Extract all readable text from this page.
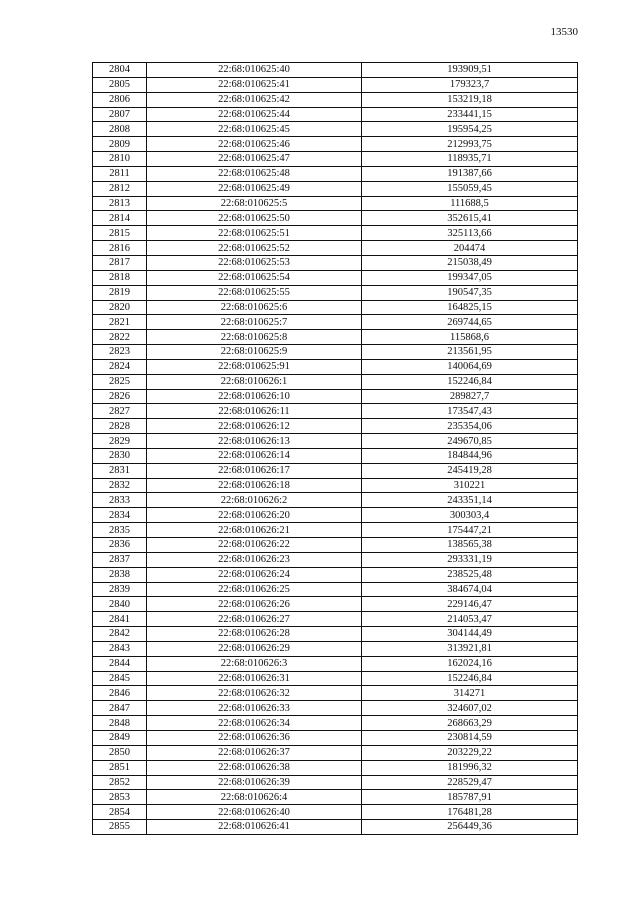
13530
2804	22:68:010625:40	193909,51
2805	22:68:010625:41	179323,7
2806	22:68:010625:42	153219,18
2807	22:68:010625:44	233441,15
2808	22:68:010625:45	195954,25
2809	22:68:010625:46	212993,75
2810	22:68:010625:47	118935,71
2811	22:68:010625:48	191387,66
2812	22:68:010625:49	155059,45
2813	22:68:010625:5	111688,5
2814	22:68:010625:50	352615,41
2815	22:68:010625:51	325113,66
2816	22:68:010625:52	204474
2817	22:68:010625:53	215038,49
2818	22:68:010625:54	199347,05
2819	22:68:010625:55	190547,35
2820	22:68:010625:6	164825,15
2821	22:68:010625:7	269744,65
2822	22:68:010625:8	115868,6
2823	22:68:010625:9	213561,95
2824	22:68:010625:91	140064,69
2825	22:68:010626:1	152246,84
2826	22:68:010626:10	289827,7
2827	22:68:010626:11	173547,43
2828	22:68:010626:12	235354,06
2829	22:68:010626:13	249670,85
2830	22:68:010626:14	184844,96
2831	22:68:010626:17	245419,28
2832	22:68:010626:18	310221
2833	22:68:010626:2	243351,14
2834	22:68:010626:20	300303,4
2835	22:68:010626:21	175447,21
2836	22:68:010626:22	138565,38
2837	22:68:010626:23	293331,19
2838	22:68:010626:24	238525,48
2839	22:68:010626:25	384674,04
2840	22:68:010626:26	229146,47
2841	22:68:010626:27	214053,47
2842	22:68:010626:28	304144,49
2843	22:68:010626:29	313921,81
2844	22:68:010626:3	162024,16
2845	22:68:010626:31	152246,84
2846	22:68:010626:32	314271
2847	22:68:010626:33	324607,02
2848	22:68:010626:34	268663,29
2849	22:68:010626:36	230814,59
2850	22:68:010626:37	203229,22
2851	22:68:010626:38	181996,32
2852	22:68:010626:39	228529,47
2853	22:68:010626:4	185787,91
2854	22:68:010626:40	176481,28
2855	22:68:010626:41	256449,36
